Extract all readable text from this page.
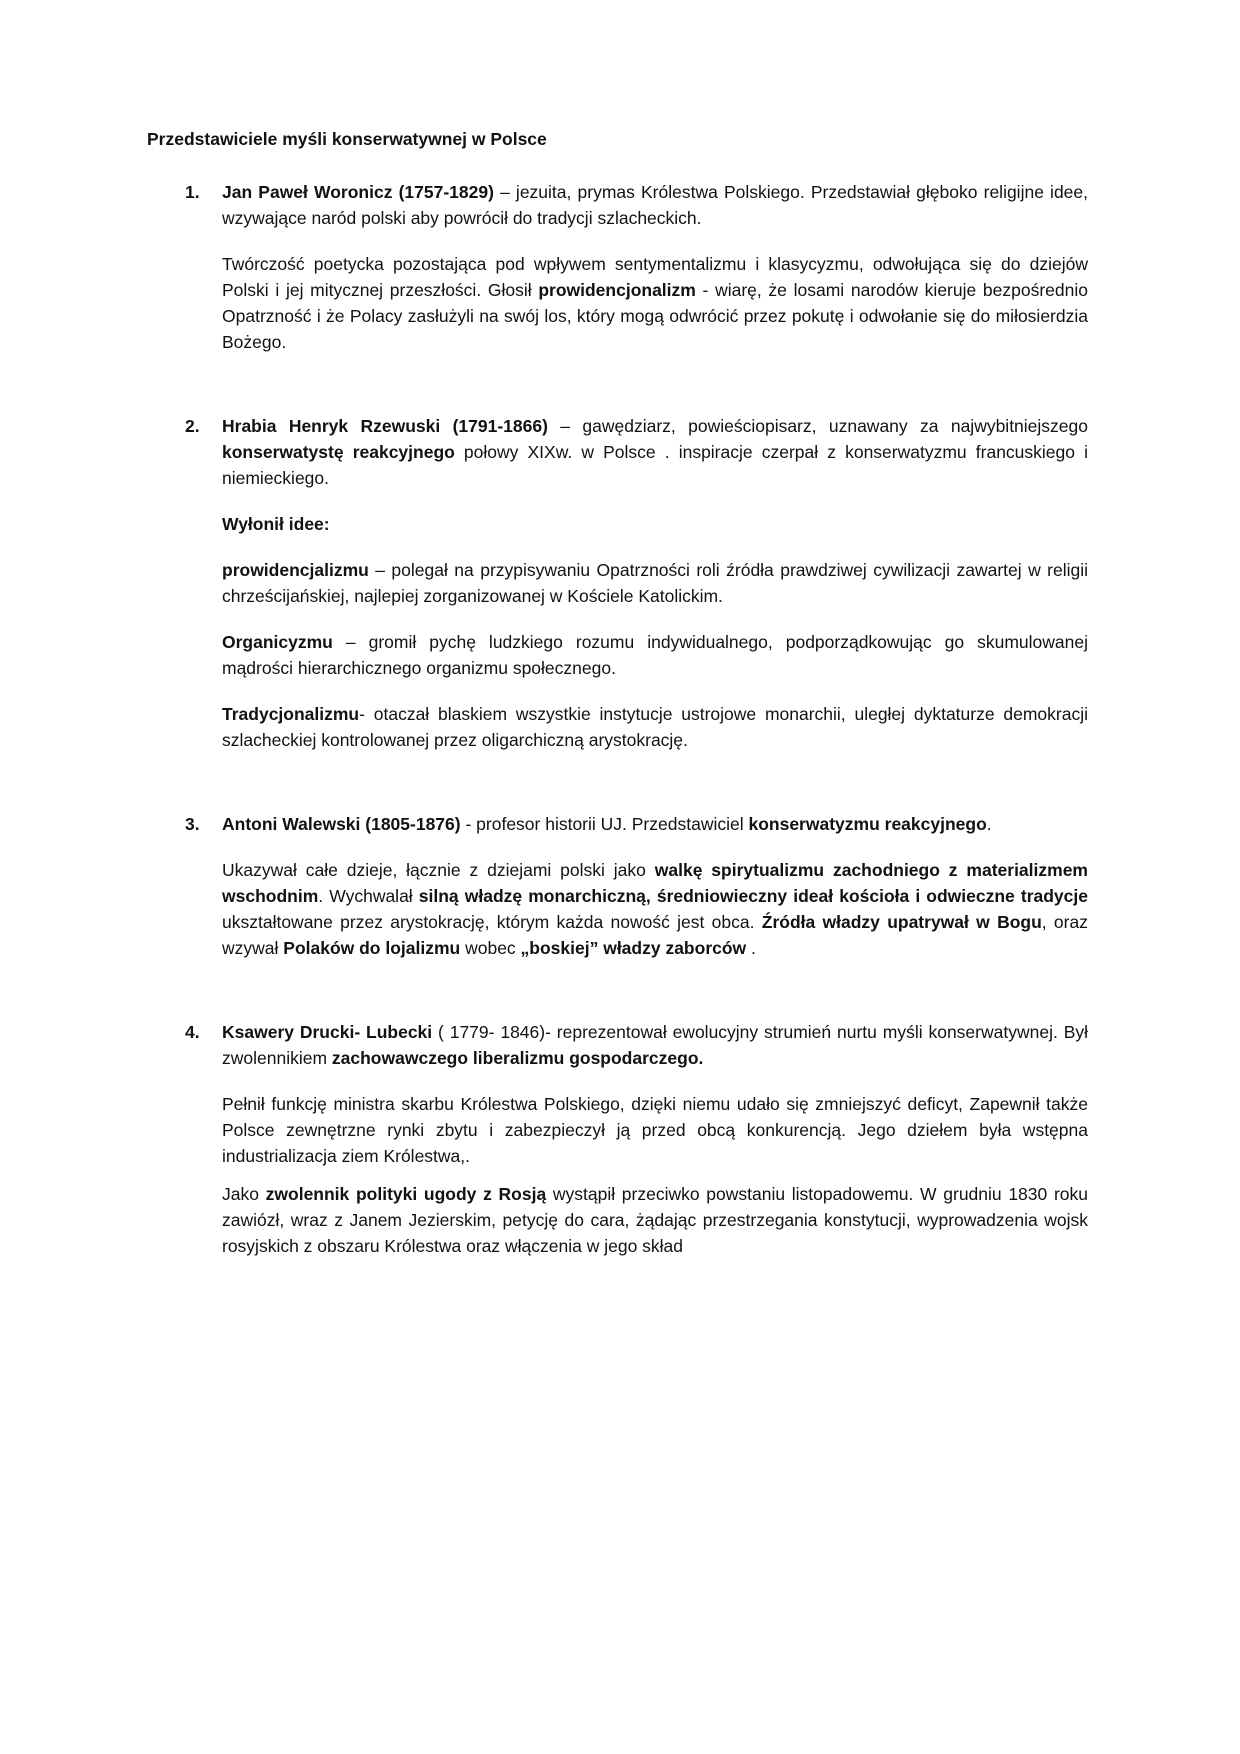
Przedstawiciele myśli konserwatywnej w Polsce
1.	Jan Paweł Woronicz (1757-1829) – jezuita, prymas Królestwa Polskiego. Przedstawiał głęboko religijne idee, wzywające naród polski aby powrócił do tradycji szlacheckich.

Twórczość poetycka pozostająca pod wpływem sentymentalizmu i klasycyzmu, odwołująca się do dziejów Polski i jej mitycznej przeszłości. Głosił prowidencjonalizm - wiarę, że losami narodów kieruje bezpośrednio Opatrzność i że Polacy zasłużyli na swój los, który mogą odwrócić przez pokutę i odwołanie się do miłosierdzia Bożego.

2.	Hrabia Henryk Rzewuski (1791-1866) – gawędziarz, powieściopisarz, uznawany za najwybitniejszego konserwatystę reakcyjnego połowy XIXw. w Polsce . inspiracje czerpał z konserwatyzmu francuskiego i niemieckiego.

Wyłonił idee:

prowidencjalizmu – polegał na przypisywaniu Opatrzności roli źródła prawdziwej cywilizacji zawartej w religii chrześcijańskiej, najlepiej zorganizowanej w Kościele Katolickim.

Organicyzmu – gromił pychę ludzkiego rozumu indywidualnego, podporządkowując go skumulowanej mądrości hierarchicznego organizmu społecznego.

Tradycjonalizmu- otaczał blaskiem wszystkie instytucje ustrojowe monarchii, uległej dyktaturze demokracji szlacheckiej kontrolowanej przez oligarchiczną arystokrację.

3.	Antoni Walewski (1805-1876) - profesor historii UJ. Przedstawiciel konserwatyzmu reakcyjnego.

Ukazywał całe dzieje, łącznie z dziejami polski jako walkę spirytualizmu zachodniego z materializmem wschodnim. Wychwalał silną władzę monarchiczną, średniowieczny ideał kościoła i odwieczne tradycje ukształtowane przez arystokrację, którym każda nowość jest obca. Źródła władzy upatrywał w Bogu, oraz wzywał Polaków do lojalizmu wobec „boskiej” władzy zaborców .

4.	Ksawery Drucki- Lubecki ( 1779- 1846)- reprezentował ewolucyjny strumień nurtu myśli konserwatywnej. Był zwolennikiem zachowawczego liberalizmu gospodarczego.

Pełnił funkcję ministra skarbu Królestwa Polskiego, dzięki niemu udało się zmniejszyć deficyt, Zapewnił także Polsce zewnętrzne rynki zbytu i zabezpieczył ją przed obcą konkurencją. Jego dziełem była wstępna industrializacja ziem Królestwa,.

Jako zwolennik polityki ugody z Rosją wystąpił przeciwko powstaniu listopadowemu. W grudniu 1830 roku zawiózł, wraz z Janem Jezierskim, petycję do cara, żądając przestrzegania konstytucji, wyprowadzenia wojsk rosyjskich z obszaru Królestwa oraz włączenia w jego skład
